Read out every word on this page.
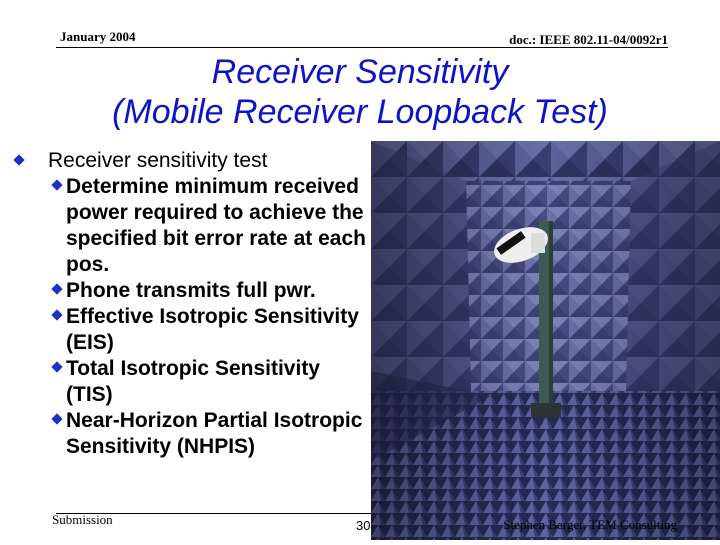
January 2004	doc.: IEEE 802.11-04/0092r1
Receiver Sensitivity
(Mobile Receiver Loopback Test)
Receiver sensitivity test
Determine minimum received power required to achieve the specified bit error rate at each pos.
Phone transmits full pwr.
Effective Isotropic Sensitivity (EIS)
Total Isotropic Sensitivity (TIS)
Near-Horizon Partial Isotropic Sensitivity (NHPIS)
Submission	30	Stephen Berger, TEM Consulting
